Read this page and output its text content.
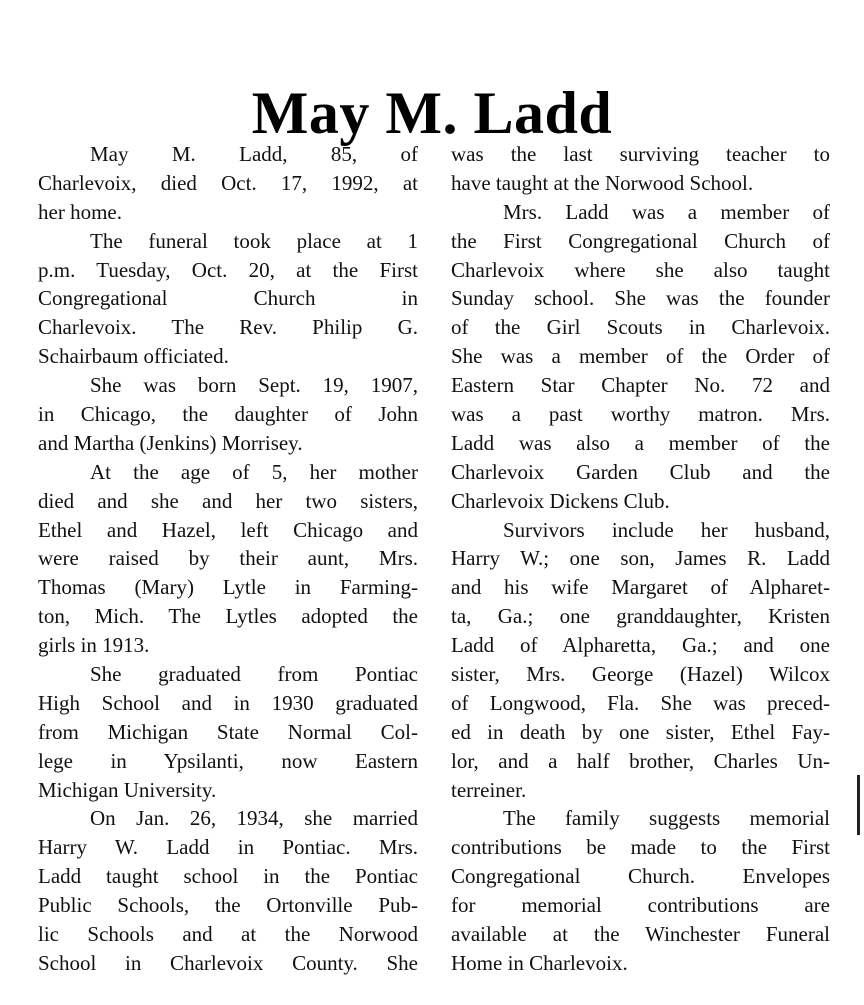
May M. Ladd
May M. Ladd, 85, of
Charlevoix, died Oct. 17, 1992, at
her home.
The funeral took place at 1
p.m. Tuesday, Oct. 20, at the First
Congregational Church in
Charlevoix. The Rev. Philip G.
Schairbaum officiated.
She was born Sept. 19, 1907,
in Chicago, the daughter of John
and Martha (Jenkins) Morrisey.
At the age of 5, her mother
died and she and her two sisters,
Ethel and Hazel, left Chicago and
were raised by their aunt, Mrs.
Thomas (Mary) Lytle in Farming-
ton, Mich. The Lytles adopted the
girls in 1913.
She graduated from Pontiac
High School and in 1930 graduated
from Michigan State Normal Col-
lege in Ypsilanti, now Eastern
Michigan University.
On Jan. 26, 1934, she married
Harry W. Ladd in Pontiac. Mrs.
Ladd taught school in the Pontiac
Public Schools, the Ortonville Pub-
lic Schools and at the Norwood
School in Charlevoix County. She
was the last surviving teacher to
have taught at the Norwood School.
Mrs. Ladd was a member of
the First Congregational Church of
Charlevoix where she also taught
Sunday school. She was the founder
of the Girl Scouts in Charlevoix.
She was a member of the Order of
Eastern Star Chapter No. 72 and
was a past worthy matron. Mrs.
Ladd was also a member of the
Charlevoix Garden Club and the
Charlevoix Dickens Club.
Survivors include her husband,
Harry W.; one son, James R. Ladd
and his wife Margaret of Alpharet-
ta, Ga.; one granddaughter, Kristen
Ladd of Alpharetta, Ga.; and one
sister, Mrs. George (Hazel) Wilcox
of Longwood, Fla. She was preced-
ed in death by one sister, Ethel Fay-
lor, and a half brother, Charles Un-
terreiner.
The family suggests memorial
contributions be made to the First
Congregational Church. Envelopes
for memorial contributions are
available at the Winchester Funeral
Home in Charlevoix.
